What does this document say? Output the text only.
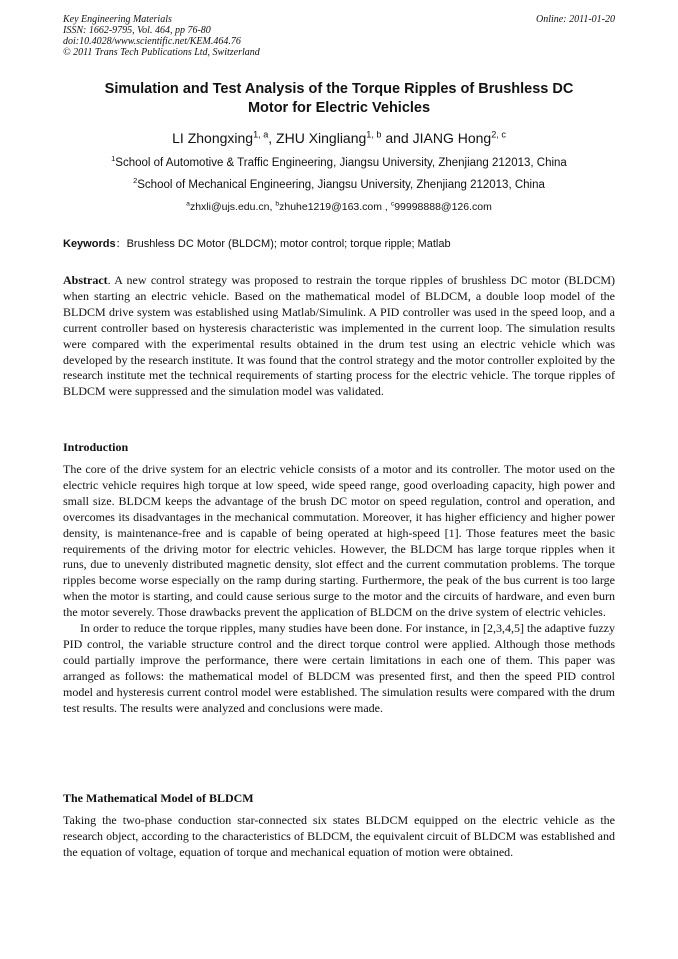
Key Engineering Materials
ISSN: 1662-9795, Vol. 464, pp 76-80
doi:10.4028/www.scientific.net/KEM.464.76
© 2011 Trans Tech Publications Ltd, Switzerland
Online: 2011-01-20
Simulation and Test Analysis of the Torque Ripples of Brushless DC
Motor for Electric Vehicles
LI Zhongxing$^{1, a}$, ZHU Xingliang$^{1, b}$ and JIANG Hong$^{2, c}$
$^1$School of Automotive & Traffic Engineering, Jiangsu University, Zhenjiang 212013, China
$^2$School of Mechanical Engineering, Jiangsu University, Zhenjiang 212013, China
$^a$zhxli@ujs.edu.cn, $^b$zhuhe1219@163.com , $^c$99998888@126.com
Keywords：Brushless DC Motor (BLDCM); motor control; torque ripple; Matlab
Abstract. A new control strategy was proposed to restrain the torque ripples of brushless DC motor (BLDCM) when starting an electric vehicle. Based on the mathematical model of BLDCM, a double loop model of the BLDCM drive system was established using Matlab/Simulink. A PID controller was used in the speed loop, and a current controller based on hysteresis characteristic was implemented in the current loop. The simulation results were compared with the experimental results obtained in the drum test using an electric vehicle which was developed by the research institute. It was found that the control strategy and the motor controller exploited by the research institute met the technical requirements of starting process for the electric vehicle. The torque ripples of BLDCM were suppressed and the simulation model was validated.
Introduction
The core of the drive system for an electric vehicle consists of a motor and its controller. The motor used on the electric vehicle requires high torque at low speed, wide speed range, good overloading capacity, high power and small size. BLDCM keeps the advantage of the brush DC motor on speed regulation, control and operation, and overcomes its disadvantages in the mechanical commutation. Moreover, it has higher efficiency and higher power density, is maintenance-free and is capable of being operated at high-speed [1]. Those features meet the basic requirements of the driving motor for electric vehicles. However, the BLDCM has large torque ripples when it runs, due to unevenly distributed magnetic density, slot effect and the current commutation problems. The torque ripples become worse especially on the ramp during starting. Furthermore, the peak of the bus current is too large when the motor is starting, and could cause serious surge to the motor and the circuits of hardware, and even burn the motor severely. Those drawbacks prevent the application of BLDCM on the drive system of electric vehicles.
In order to reduce the torque ripples, many studies have been done. For instance, in [2,3,4,5] the adaptive fuzzy PID control, the variable structure control and the direct torque control were applied. Although those methods could partially improve the performance, there were certain limitations in each one of them. This paper was arranged as follows: the mathematical model of BLDCM was presented first, and then the speed PID control model and hysteresis current control model were established. The simulation results were compared with the drum test results. The results were analyzed and conclusions were made.
The Mathematical Model of BLDCM
Taking the two-phase conduction star-connected six states BLDCM equipped on the electric vehicle as the research object, according to the characteristics of BLDCM, the equivalent circuit of BLDCM was established and the equation of voltage, equation of torque and mechanical equation of motion were obtained.
